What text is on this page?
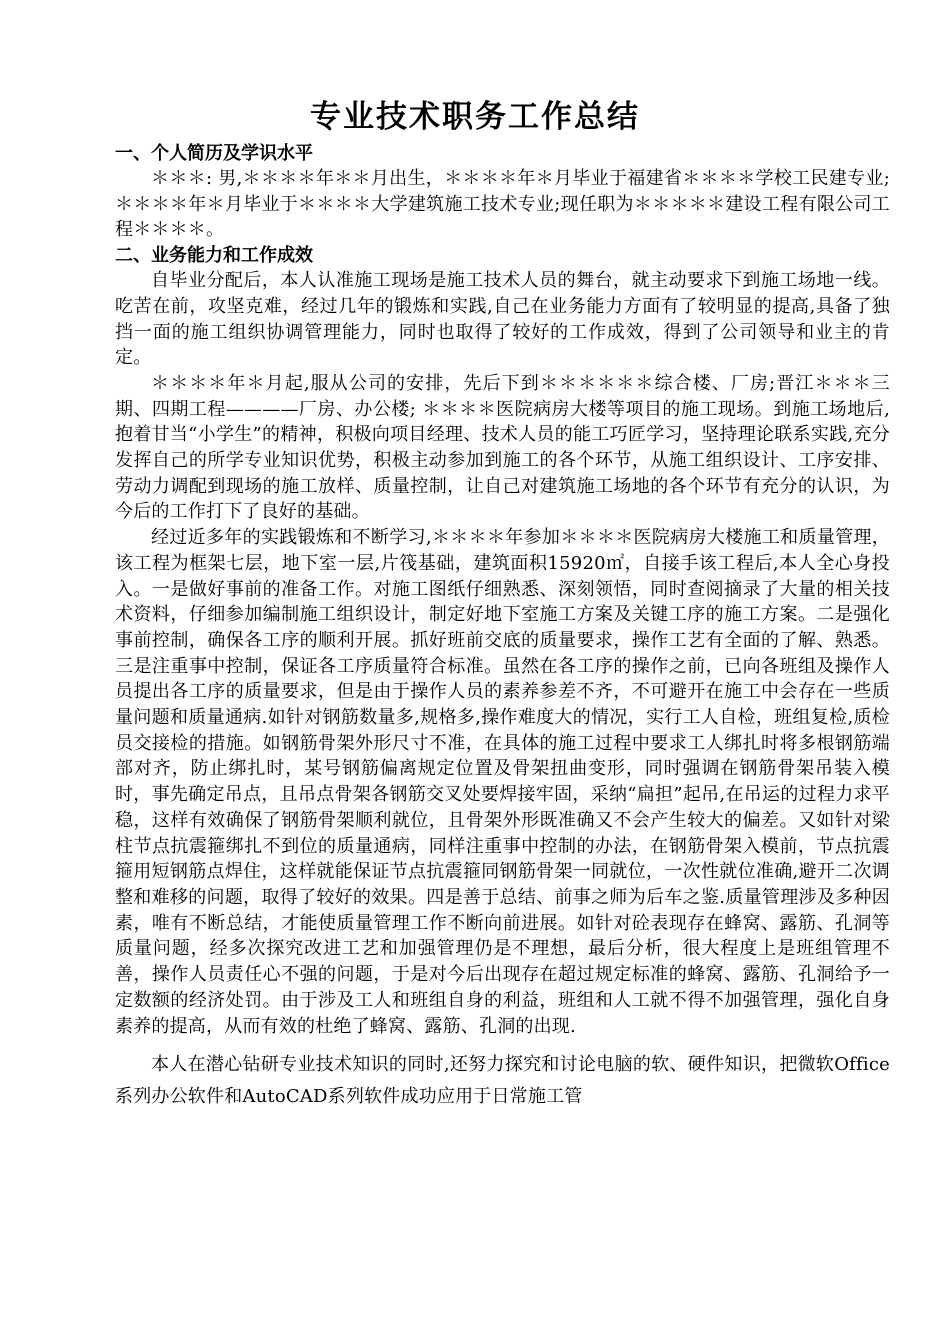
专业技术职务工作总结
一、个人简历及学识水平

＊＊＊: 男,＊＊＊＊年＊＊月出生，＊＊＊＊年＊月毕业于福建省＊＊＊＊学校工民建专业; ＊＊＊＊年＊月毕业于＊＊＊＊大学建筑施工技术专业;现任职为＊＊＊＊＊建设工程有限公司工程＊＊＊＊。

二、业务能力和工作成效

自毕业分配后，本人认准施工现场是施工技术人员的舞台，就主动要求下到施工场地一线。吃苦在前，攻坚克难，经过几年的锻炼和实践,自己在业务能力方面有了较明显的提高,具备了独挡一面的施工组织协调管理能力，同时也取得了较好的工作成效，得到了公司领导和业主的肯定。

＊＊＊＊年＊月起,服从公司的安排，先后下到＊＊＊＊＊＊综合楼、厂房;晋江＊＊＊三期、四期工程————厂房、办公楼; ＊＊＊＊医院病房大楼等项目的施工现场。到施工场地后,抱着甘当“小学生”的精神，积极向项目经理、技术人员的能工巧匠学习，坚持理论联系实践,充分发挥自己的所学专业知识优势，积极主动参加到施工的各个环节，从施工组织设计、工序安排、劳动力调配到现场的施工放样、质量控制，让自己对建筑施工场地的各个环节有充分的认识，为今后的工作打下了良好的基础。

经过近多年的实践锻炼和不断学习,＊＊＊＊年参加＊＊＊＊医院病房大楼施工和质量管理，该工程为框架七层，地下室一层,片筏基础，建筑面积15920㎡，自接手该工程后,本人全心身投入。一是做好事前的准备工作。对施工图纸仔细熟悉、深刻领悟，同时查阅摘录了大量的相关技术资料，仔细参加编制施工组织设计，制定好地下室施工方案及关键工序的施工方案。二是强化事前控制，确保各工序的顺利开展。抓好班前交底的质量要求，操作工艺有全面的了解、熟悉。三是注重事中控制，保证各工序质量符合标准。虽然在各工序的操作之前，已向各班组及操作人员提出各工序的质量要求，但是由于操作人员的素养参差不齐，不可避开在施工中会存在一些质量问题和质量通病.如针对钢筋数量多,规格多,操作难度大的情况，实行工人自检，班组复检,质检员交接检的措施。如钢筋骨架外形尺寸不准，在具体的施工过程中要求工人绑扎时将多根钢筋端部对齐，防止绑扎时，某号钢筋偏离规定位置及骨架扭曲变形，同时强调在钢筋骨架吊装入模时，事先确定吊点，且吊点骨架各钢筋交叉处要焊接牢固，采纳“扁担”起吊,在吊运的过程力求平稳，这样有效确保了钢筋骨架顺利就位，且骨架外形既准确又不会产生较大的偏差。又如针对梁柱节点抗震箍绑扎不到位的质量通病，同样注重事中控制的办法，在钢筋骨架入模前，节点抗震箍用短钢筋点焊住，这样就能保证节点抗震箍同钢筋骨架一同就位，一次性就位准确,避开二次调整和难移的问题，取得了较好的效果。四是善于总结、前事之师为后车之鉴.质量管理涉及多种因素，唯有不断总结，才能使质量管理工作不断向前进展。如针对砼表现存在蜂窝、露筋、孔洞等质量问题，经多次探究改进工艺和加强管理仍是不理想，最后分析，很大程度上是班组管理不善，操作人员责任心不强的问题，于是对今后出现存在超过规定标准的蜂窝、露筋、孔洞给予一定数额的经济处罚。由于涉及工人和班组自身的利益，班组和人工就不得不加强管理，强化自身素养的提高，从而有效的杜绝了蜂窝、露筋、孔洞的出现.

本人在潜心钻研专业技术知识的同时,还努力探究和讨论电脑的软、硬件知识，把微软Office系列办公软件和AutoCAD系列软件成功应用于日常施工管
